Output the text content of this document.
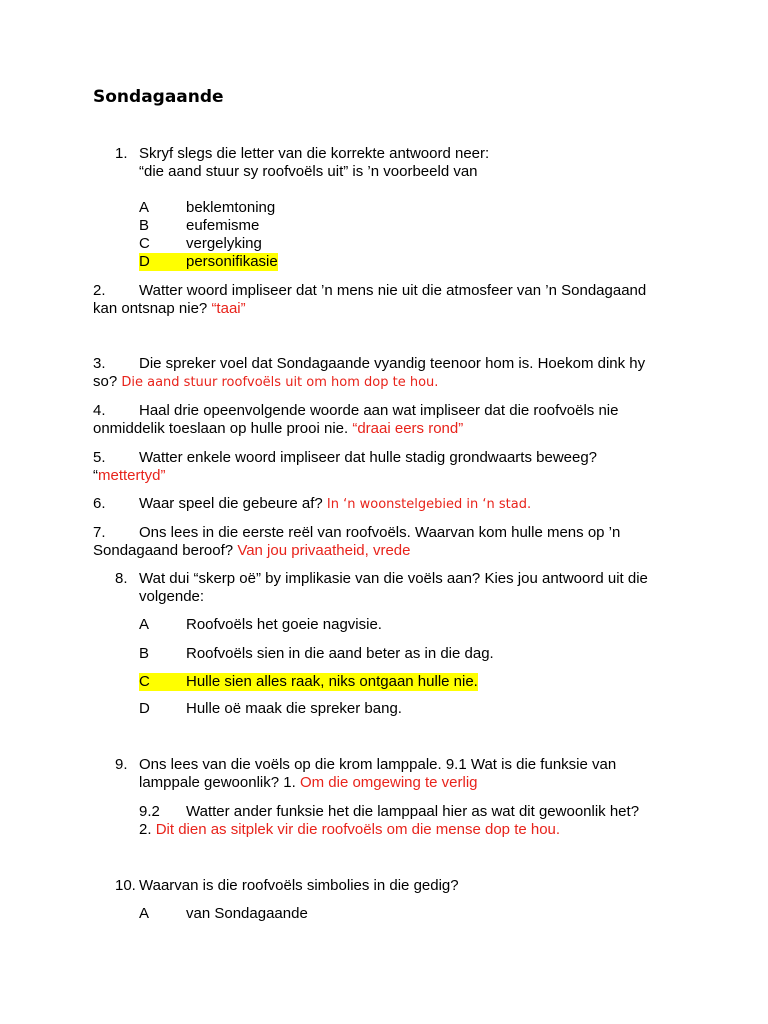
Sondagaande
1. Skryf slegs die letter van die korrekte antwoord neer:
“die aand stuur sy roofvoëls uit” is ’n voorbeeld van
A beklemtoning
B eufemisme
C vergelyking
D personifikasie
2. Watter woord impliseer dat ’n mens nie uit die atmosfeer van ’n Sondagaand
kan ontsnap nie? “taai”
3. Die spreker voel dat Sondagaande vyandig teenoor hom is. Hoekom dink hy
so? Die aand stuur roofvoëls uit om hom dop te hou.
4. Haal drie opeenvolgende woorde aan wat impliseer dat die roofvoëls nie
onmiddelik toeslaan op hulle prooi nie. “draai eers rond”
5. Watter enkele woord impliseer dat hulle stadig grondwaarts beweeg?
“mettertyd”
6. Waar speel die gebeure af? In ‘n woonstelgebied in ‘n stad.
7. Ons lees in die eerste reël van roofvoëls. Waarvan kom hulle mens op ’n
Sondagaand beroof? Van jou privaatheid, vrede
8. Wat dui “skerp oë” by implikasie van die voëls aan? Kies jou antwoord uit die
volgende:
A Roofvoëls het goeie nagvisie.
B Roofvoëls sien in die aand beter as in die dag.
C Hulle sien alles raak, niks ontgaan hulle nie.
D Hulle oë maak die spreker bang.
9. Ons lees van die voëls op die krom lamppale. 9.1 Wat is die funksie van
lamppale gewoonlik? 1. Om die omgewing te verlig
9.2 Watter ander funksie het die lamppaal hier as wat dit gewoonlik het?
2. Dit dien as sitplek vir die roofvoëls om die mense dop te hou.
10. Waarvan is die roofvoëls simbolies in die gedig?
A van Sondagaande
